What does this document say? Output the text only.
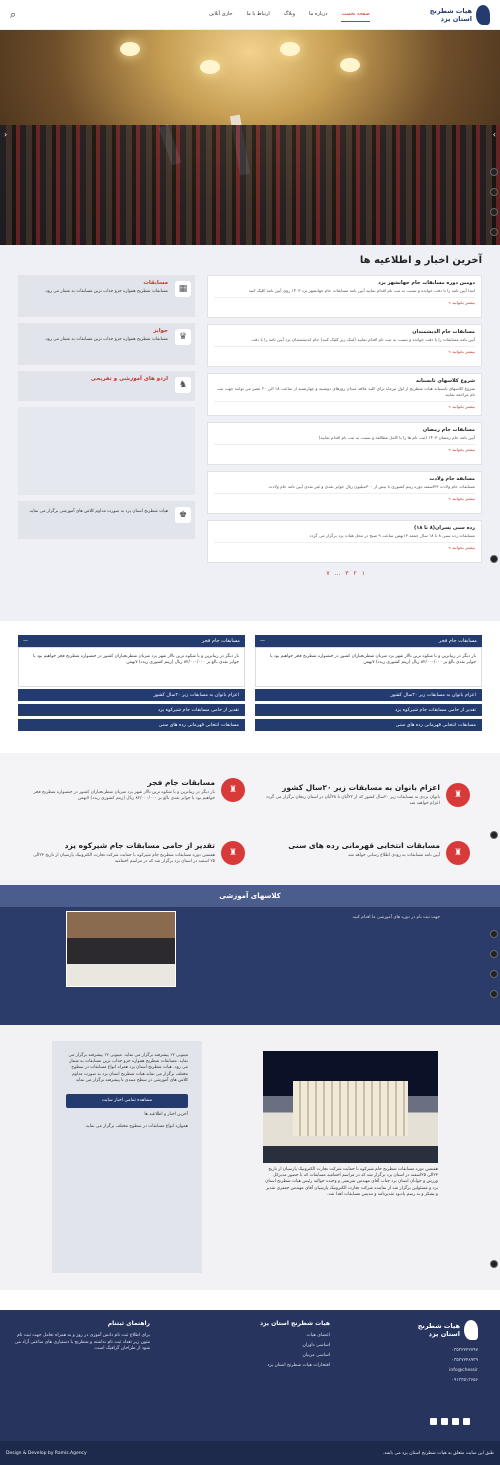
هیات شطرنج
استان یزد
صفحه نخست
درباره ما
وبلاگ
ارتباط با ما
جاری آنلاین
⌕
‹	›
آخرین اخبار و اطلاعیه ها
دومین دوره مسابقات جام جهانشهر یزد
ابتدا آیین نامه را با دقت خوانده و نسبت به ثبت نام اقدام نمایید آیین نامه مسابقات جام جهانشهر یزد ۱۴۰۳ روی آیین نامه کلیک کنید
بیشتر بخوانید »
مسابقات جام الدیشمندان
آیین نامه مسابقات را با دقت خوانده و نسبت به ثبت نام اقدام نمایید (لینک زیر کلیک کنید) جام اندیشمندان یزد آیین نامه را با دقت
بیشتر بخوانید »
شروع کلاسهای تابستانه
شروع کلاسهای تابستانه هیات شطرنج از اول تیرماه برای کلیه علاقه مندان روزهای دوشنبه و چهارشنبه از ساعت ۱۸ الی ۲۰ عصر می توانند جهت ثبت نام مراجعه نمایند
بیشتر بخوانید »
مسابقات جام رمضان
آیین نامه جام رمضان ۱۴۰۳ (ثبت نام ها را با کامل مطالعه و نسبت به ثبت نام اقدام نمایید)
بیشتر بخوانید »
مسابقه جام ولادت
مسابقات جام ولادت ۲۳اسفند دوره ریتم کشوری با بیش از ۳۰۰میلیون ریال جوایز نقدی و غیر نقدی آیین نامه جام ولادت
بیشتر بخوانید »
رده سنی پسران(۸ تا ۱۸)
مسابقات رده سنی ۸ تا ۱۸ سال جمعه ۱۳بهمن ساعت ۹ صبح در محل هیات یزد برگزار می گردد
بیشتر بخوانید »
۱
۲
۳
...
۷
▦
مسابقات
مسابقات شطرنج همواره جزو جذاب ترین مسابقات به شمار می رود.
♛
جوایز
مسابقات شطرنج همواره جزو جذاب ترین مسابقات به شمار می رود.
♞
اردو های آموزشی و تفریحی
♚
هیات شطرنج استان یزد به صورت مداوم کلاس های آموزشی برگزار می نماید.
مسابقات جام فجر
—
بار دیگر در زیبا‌ترین و با شکوه ترین تالار شهر یزد میزبان شطرنجبازان کشور در جشنواره شطرنج فجر خواهیم بود با جوایز نقدی بالغ بر ۸۲/۰۰۰/۰۰۰ ریال (ریتم کشوری ریدد) ۷بهمن
اعزام بانوان به مسابقات زیر ۲۰سال کشور
تقدیر از حامی مسابقات جام شیرکوه یزد
مسابقات انتخابی قهرمانی رده های سنی
مسابقات جام فجر
—
بار دیگر در زیبا‌ترین و با شکوه ترین تالار شهر یزد میزبان شطرنجبازان کشور در جشنواره شطرنج فجر خواهیم بود با جوایز نقدی بالغ بر ۸۲/۰۰۰/۰۰۰ ریال (ریتم کشوری ریدد) ۷بهمن
اعزام بانوان به مسابقات زیر ۲۰سال کشور
تقدیر از حامی مسابقات جام شیرکوه یزد
مسابقات انتخابی قهرمانی رده های سنی
♜
اعزام بانوان به مسابقات زیر ۲۰سال کشور
بانوان یزدی به مسابقات زیر ۲۰سال کشور که از ۲۲آبان تا ۲۸آبان در استان زنجان برگزار می گردد اعزام خواهند شد
♜
مسابقات جام فجر
بار دیگر در زیباترین و با شکوه ترین تالار شهر یزد میزبان شطرنجبازان کشور در جشنواره شطرنج فجر خواهیم بود با جوایز نقدی بالغ بر ۸۲/۰۰۰/۰۰۰ ریال (ریتم کشوری ریدد) ۷بهمن
♜
مسابقات انتخابی قهرمانی رده های سنی
آیین نامه مسابقات به زودی اطلاع رسانی خواهد شد
♜
تقدیر از حامی مسابقات جام شیرکوه یزد
هفتمین دوره مسابقات شطرنج جام شیرکوه با حمایت شرکت تجارت الکترونیک پارسیان از تاریخ ۲۳الی ۲۵ اسفند در استان یزد برگزار شد که در مراسم اختتامیه
کلاسهای آموزشی
جهت ثبت نام در دوره های آموزشی ما اقدام کنید.
هفتمین دوره مسابقات شطرنج جام شیرکوه با حمایت شرکت تجارت الکترونیک پارسیان از تاریخ ۲۳الی ۲۵اسفند در استان یزد برگزار شد که در مراسم اختتامیه مسابقات که با حضور مدیرکل ورزش و جوانان استان یزد جناب آقای مهندس شریعتی و وحیده حوالیه رئیس هیات شطرنج استان یزد و مسئولین برگزار شد از نماینده شرکت تجارت الکترونیک پارسیان آقای مهندس جعفری تقدیر و تشکر و به رسم یادبود تقدیرنامه و تندیس مسابقات اهدا شد.
میتونی ۱۲ پیشرفته برگزار می نماید. میتونی ۱۲ پیشرفته برگزار می نماید. مسابقات شطرنج همواره جزو جذاب ترین مسابقات به شمار می رود. هیات شطرنج استان یزد همراه انواع مسابقات در سطوح مختلف برگزار می نماید.هیات شطرنج استان یزد به صورت مداوم کلاس های آموزشی در سطح مبتدی تا پیشرفته برگزار می نماید
مشاهده تمامی اخبار سایت
آخرین اخبار و اطلاعیه ها
همواره انواع مسابقات در سطوح مختلف برگزار می نماید.
هیات شطرنج
استان یزد
۰۳۵۳۲۲۲۲۷۹۷
۰۳۵۳۷۲۴۸۹۳۹
info@chessir
۰۹۱۳۳۵۱۳۶۵۶
هیات شطرنج استان یزد
اعضای هیات
اساسی داوران
اساسی مربیان
افتخارات هیات شطرنج استان یزد
راهنمای ثبتنام
برای اطلاع ثبت نام دانش آموزی در روز و به همراه تعامل جهت ثبت نام متون زیر تعداد ثبت نام نداشته و شطرنج با دستیاری های ساعتی آزاد می شود از طراحان گرافیک است.
طبق این سایت متعلق به هیات شطرنج استان یزد می باشد.
Design & Develop by Ramis.Agency
